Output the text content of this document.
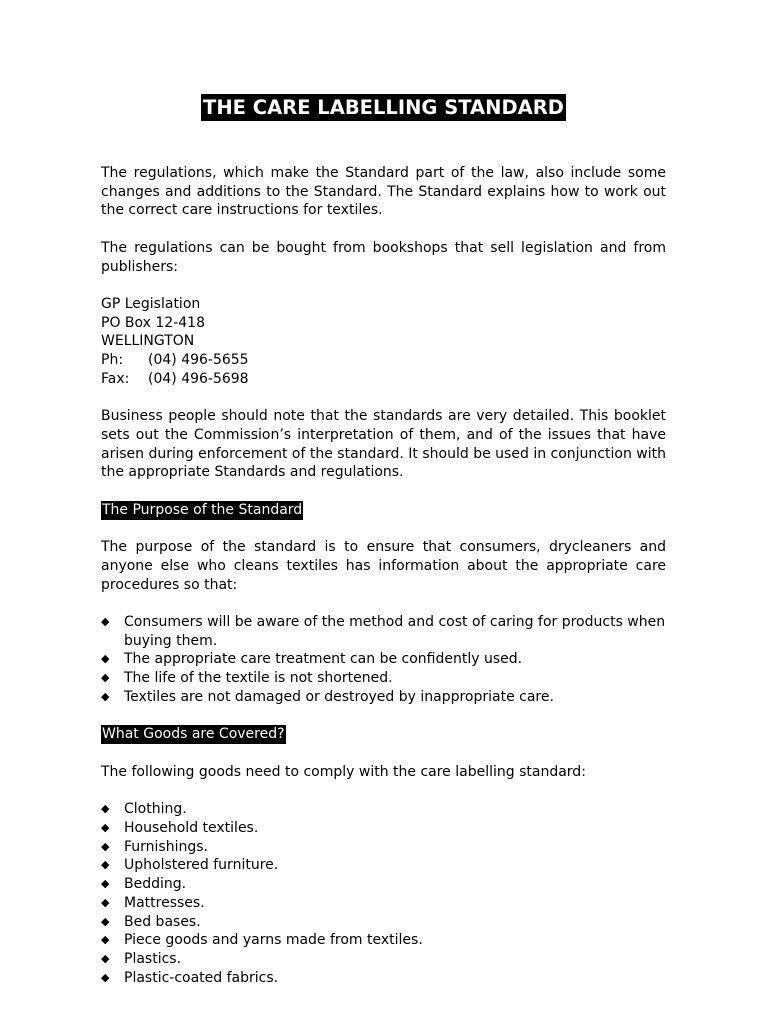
THE CARE LABELLING STANDARD

The regulations, which make the Standard part of the law, also include some changes and additions to the Standard. The Standard explains how to work out the correct care instructions for textiles.

The regulations can be bought from bookshops that sell legislation and from publishers:

GP Legislation
PO Box 12-418
WELLINGTON
Ph: (04) 496-5655
Fax: (04) 496-5698

Business people should note that the standards are very detailed. This booklet sets out the Commission’s interpretation of them, and of the issues that have arisen during enforcement of the standard. It should be used in conjunction with the appropriate Standards and regulations.

The Purpose of the Standard

The purpose of the standard is to ensure that consumers, drycleaners and anyone else who cleans textiles has information about the appropriate care procedures so that:

◆ Consumers will be aware of the method and cost of caring for products when buying them.
◆ The appropriate care treatment can be confidently used.
◆ The life of the textile is not shortened.
◆ Textiles are not damaged or destroyed by inappropriate care.
What Goods are Covered?

The following goods need to comply with the care labelling standard:

◆ Clothing.
◆ Household textiles.
◆ Furnishings.
◆ Upholstered furniture.
◆ Bedding.
◆ Mattresses.
◆ Bed bases.
◆ Piece goods and yarns made from textiles.
◆ Plastics.
◆ Plastic-coated fabrics.
